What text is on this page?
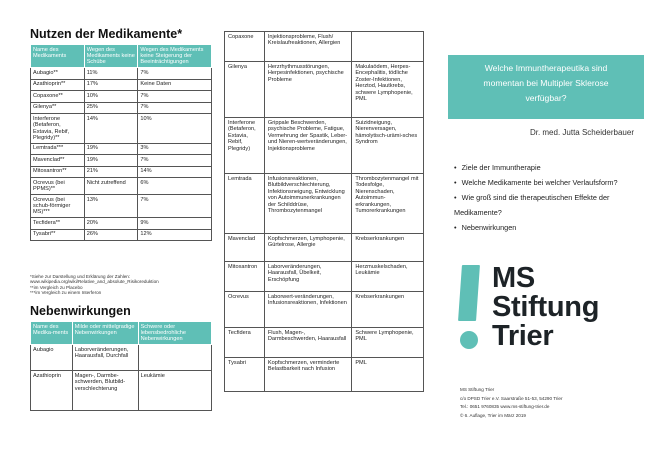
Nutzen der Medikamente*
Name des Medikaments	Wegen des Medikaments keine Schübe	Wegen des Medikaments keine Steigerung der Beeinträchtigungen
Aubagio**	11%	7%
Azathioprin**	17%	Keine Daten
Copaxone**	10%	7%
Gilenya**	25%	7%
Interferone (Betaferon, Extavia, Rebif, Plegridy)**	14%	10%
Lemtrada***	19%	3%
Mavenclad**	19%	7%
Mitoxantron**	21%	14%
Ocrevus (bei PPMS)**	Nicht zutreffend	6%
Ocrevus (bei schub-förmiger MS)***	13%	7%
Tecfidera**	20%	9%
Tysabri**	26%	12%
*Siehe zur Darstellung und Erklärung der Zahlen:
www.wikipedia.org/wiki/Relative_and_absolute_Risikoreduktion
**im Vergleich zu Placebo
***im Vergleich zu einem Interferon
Nebenwirkungen
Name des Medika-ments	Milde oder mittelgradige Nebenwirkungen	Schwere oder lebensbedrohliche Nebenwirkungen
Aubagio	Laborveränderungen, Haarausfall, Durchfall	
Azathioprin	Magen-, Darmbe-schwerden, Blutbild-verschlechterung	Leukämie
Copaxone	Injektionsprobleme, Flush/ Kreislaufreaktionen, Allergien	
Gilenya	Herzrhythmusstörungen, Herpesinfektionen, psychische Probleme	Makulaödem, Herpes-Encephalitis, tödliche Zoster-Infektionen, Herztod, Hautkrebs, schwere Lymphopenie, PML
Interferone (Betaferon, Extavia, Rebif, Plegridy)	Grippale Beschwerden, psychische Probleme, Fatigue, Vermehrung der Spastik, Leber- und Nieren-wertveränderungen, Injektionsprobleme	Suizidneigung, Nierenversagen, hämolytisch-urämi-sches Syndrom
Lemtrada	Infusionsreaktionen, Blutbildverschlechterung, Infektionsneigung, Entwicklung von Autoimmunerkrankungen der Schilddrüse, Thrombozytenmangel	Thrombozytenmangel mit Todesfolge, Nierenschaden, Autoimmun-erkrankungen, Tumorerkrankungen
Mavenclad	Kopfschmerzen, Lymphopenie, Gürtelrose, Allergie	Krebserkrankungen
Mitoxantron	Laborveränderungen, Haarausfall, Übelkeit, Erschöpfung	Herzmuskelschaden, Leukämie
Ocrevus	Laborwert-veränderungen, Infusionsreaktionen, Infektionen	Krebserkrankungen
Tecfidera	Flush, Magen-, Darmbeschwerden, Haarausfall	Schwere Lymphopenie, PML
Tysabri	Kopfschmerzen, verminderte Belastbarkeit nach Infusion	PML
Welche Immuntherapeutika sind
momentan bei Multipler Sklerose
verfügbar?
Dr. med. Jutta Scheiderbauer
• Ziele der Immuntherapie
• Welche Medikamente bei welcher Verlaufsform?
• Wie groß sind die therapeutischen Effekte der Medikamente?
• Nebenwirkungen
MS
Stiftung
Trier
MS Stiftung Trier
c/o DPSD Trier e.V. Saarstraße 51-53, 54290 Trier
Tel.: 0651 9760835 www.ms-stiftung-trier.de
© 6. Auflage, Trier im März 2019
